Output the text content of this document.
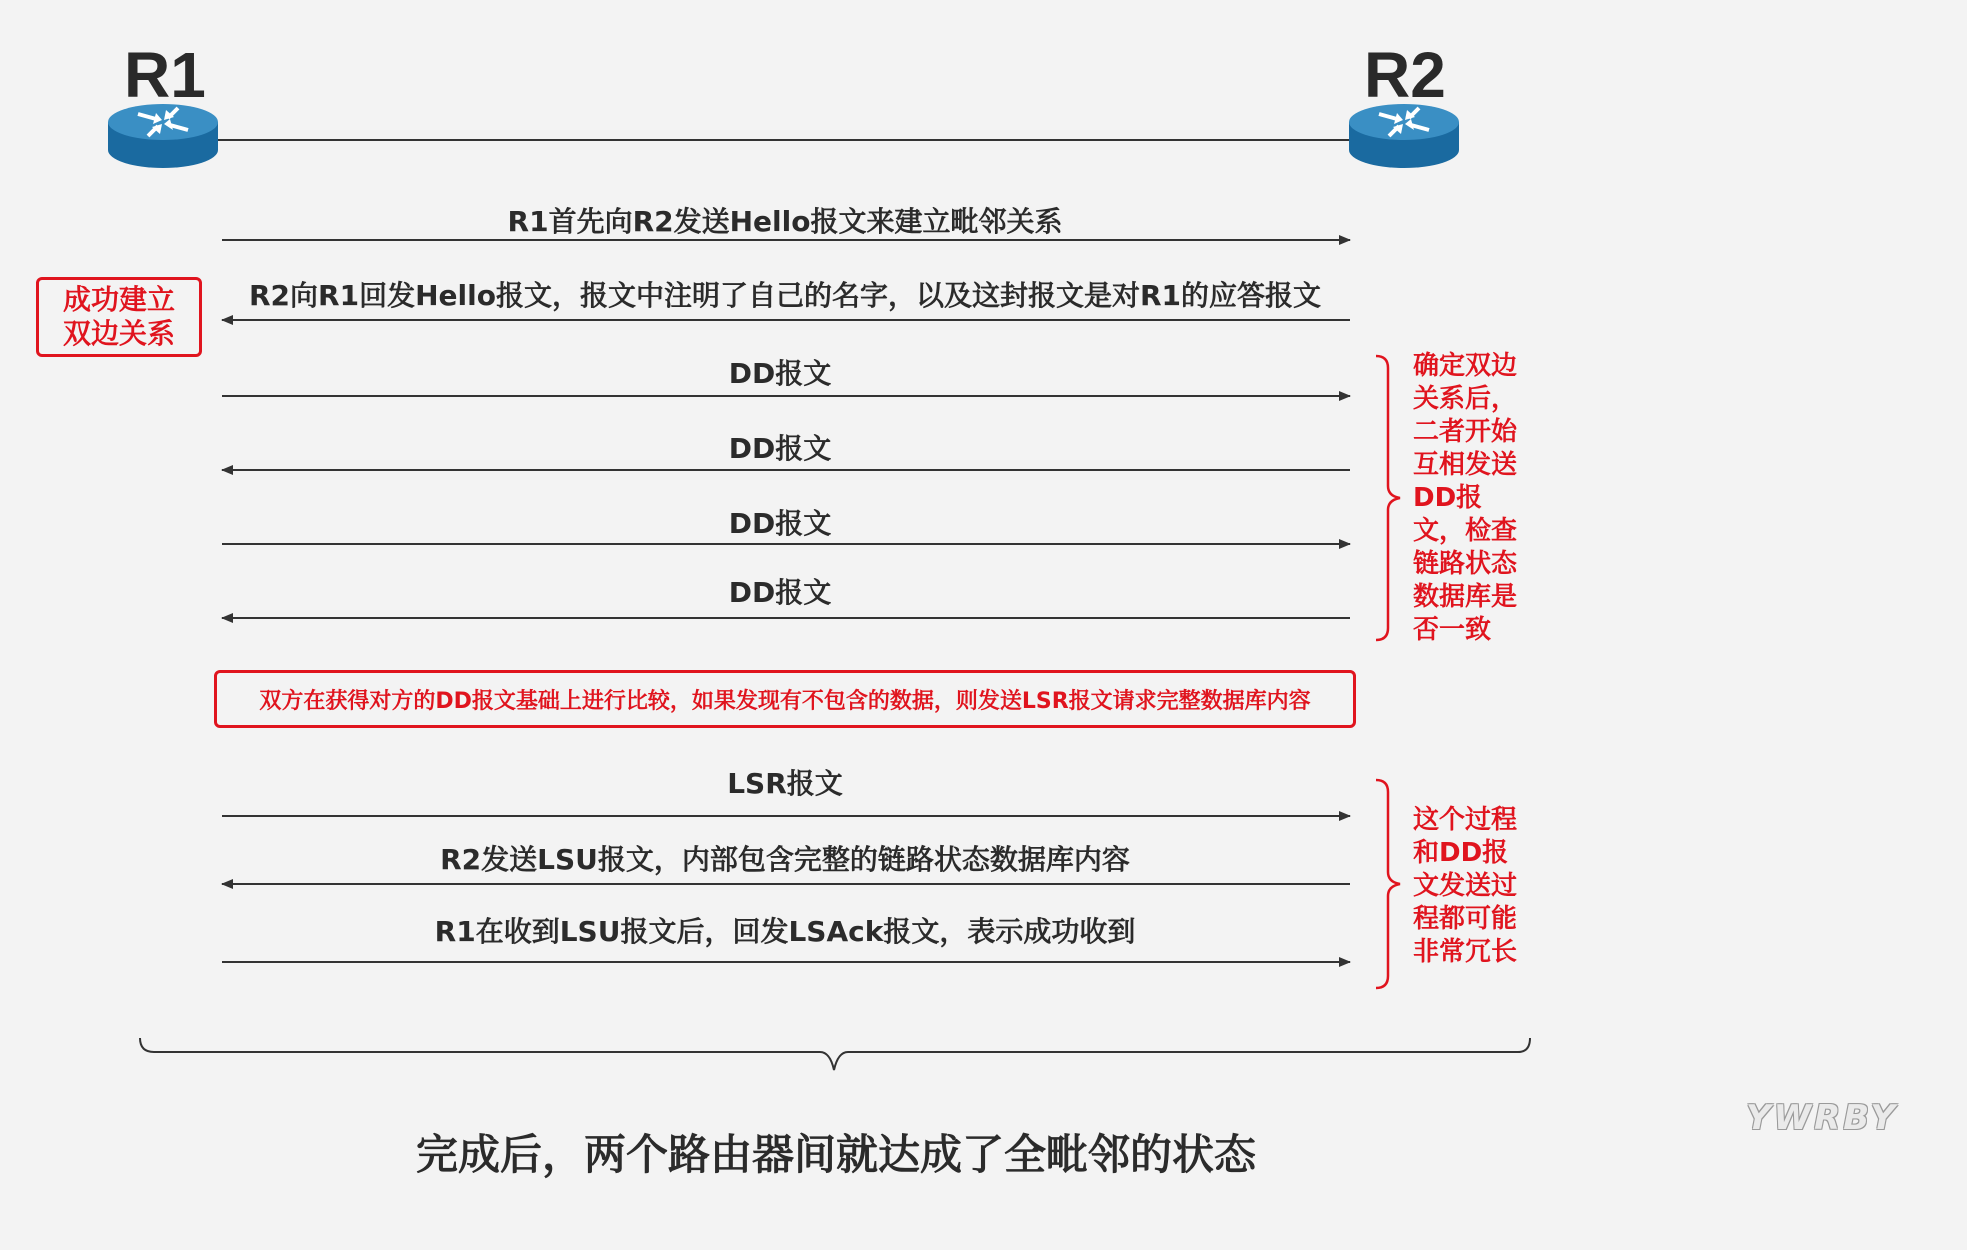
R1	R2
R1首先向R2发送Hello报文来建立毗邻关系
R2向R1回发Hello报文，报文中注明了自己的名字，以及这封报文是对R1的应答报文
DD报文
DD报文
DD报文
DD报文
LSR报文
R2发送LSU报文，内部包含完整的链路状态数据库内容
R1在收到LSU报文后，回发LSAck报文，表示成功收到
成功建立双边关系
双方在获得对方的DD报文基础上进行比较，如果发现有不包含的数据，则发送LSR报文请求完整数据库内容
确定双边关系后，二者开始互相发送DD报文，检查链路状态数据库是否一致
这个过程和DD报文发送过程都可能非常冗长
完成后，两个路由器间就达成了全毗邻的状态
YWRBY
